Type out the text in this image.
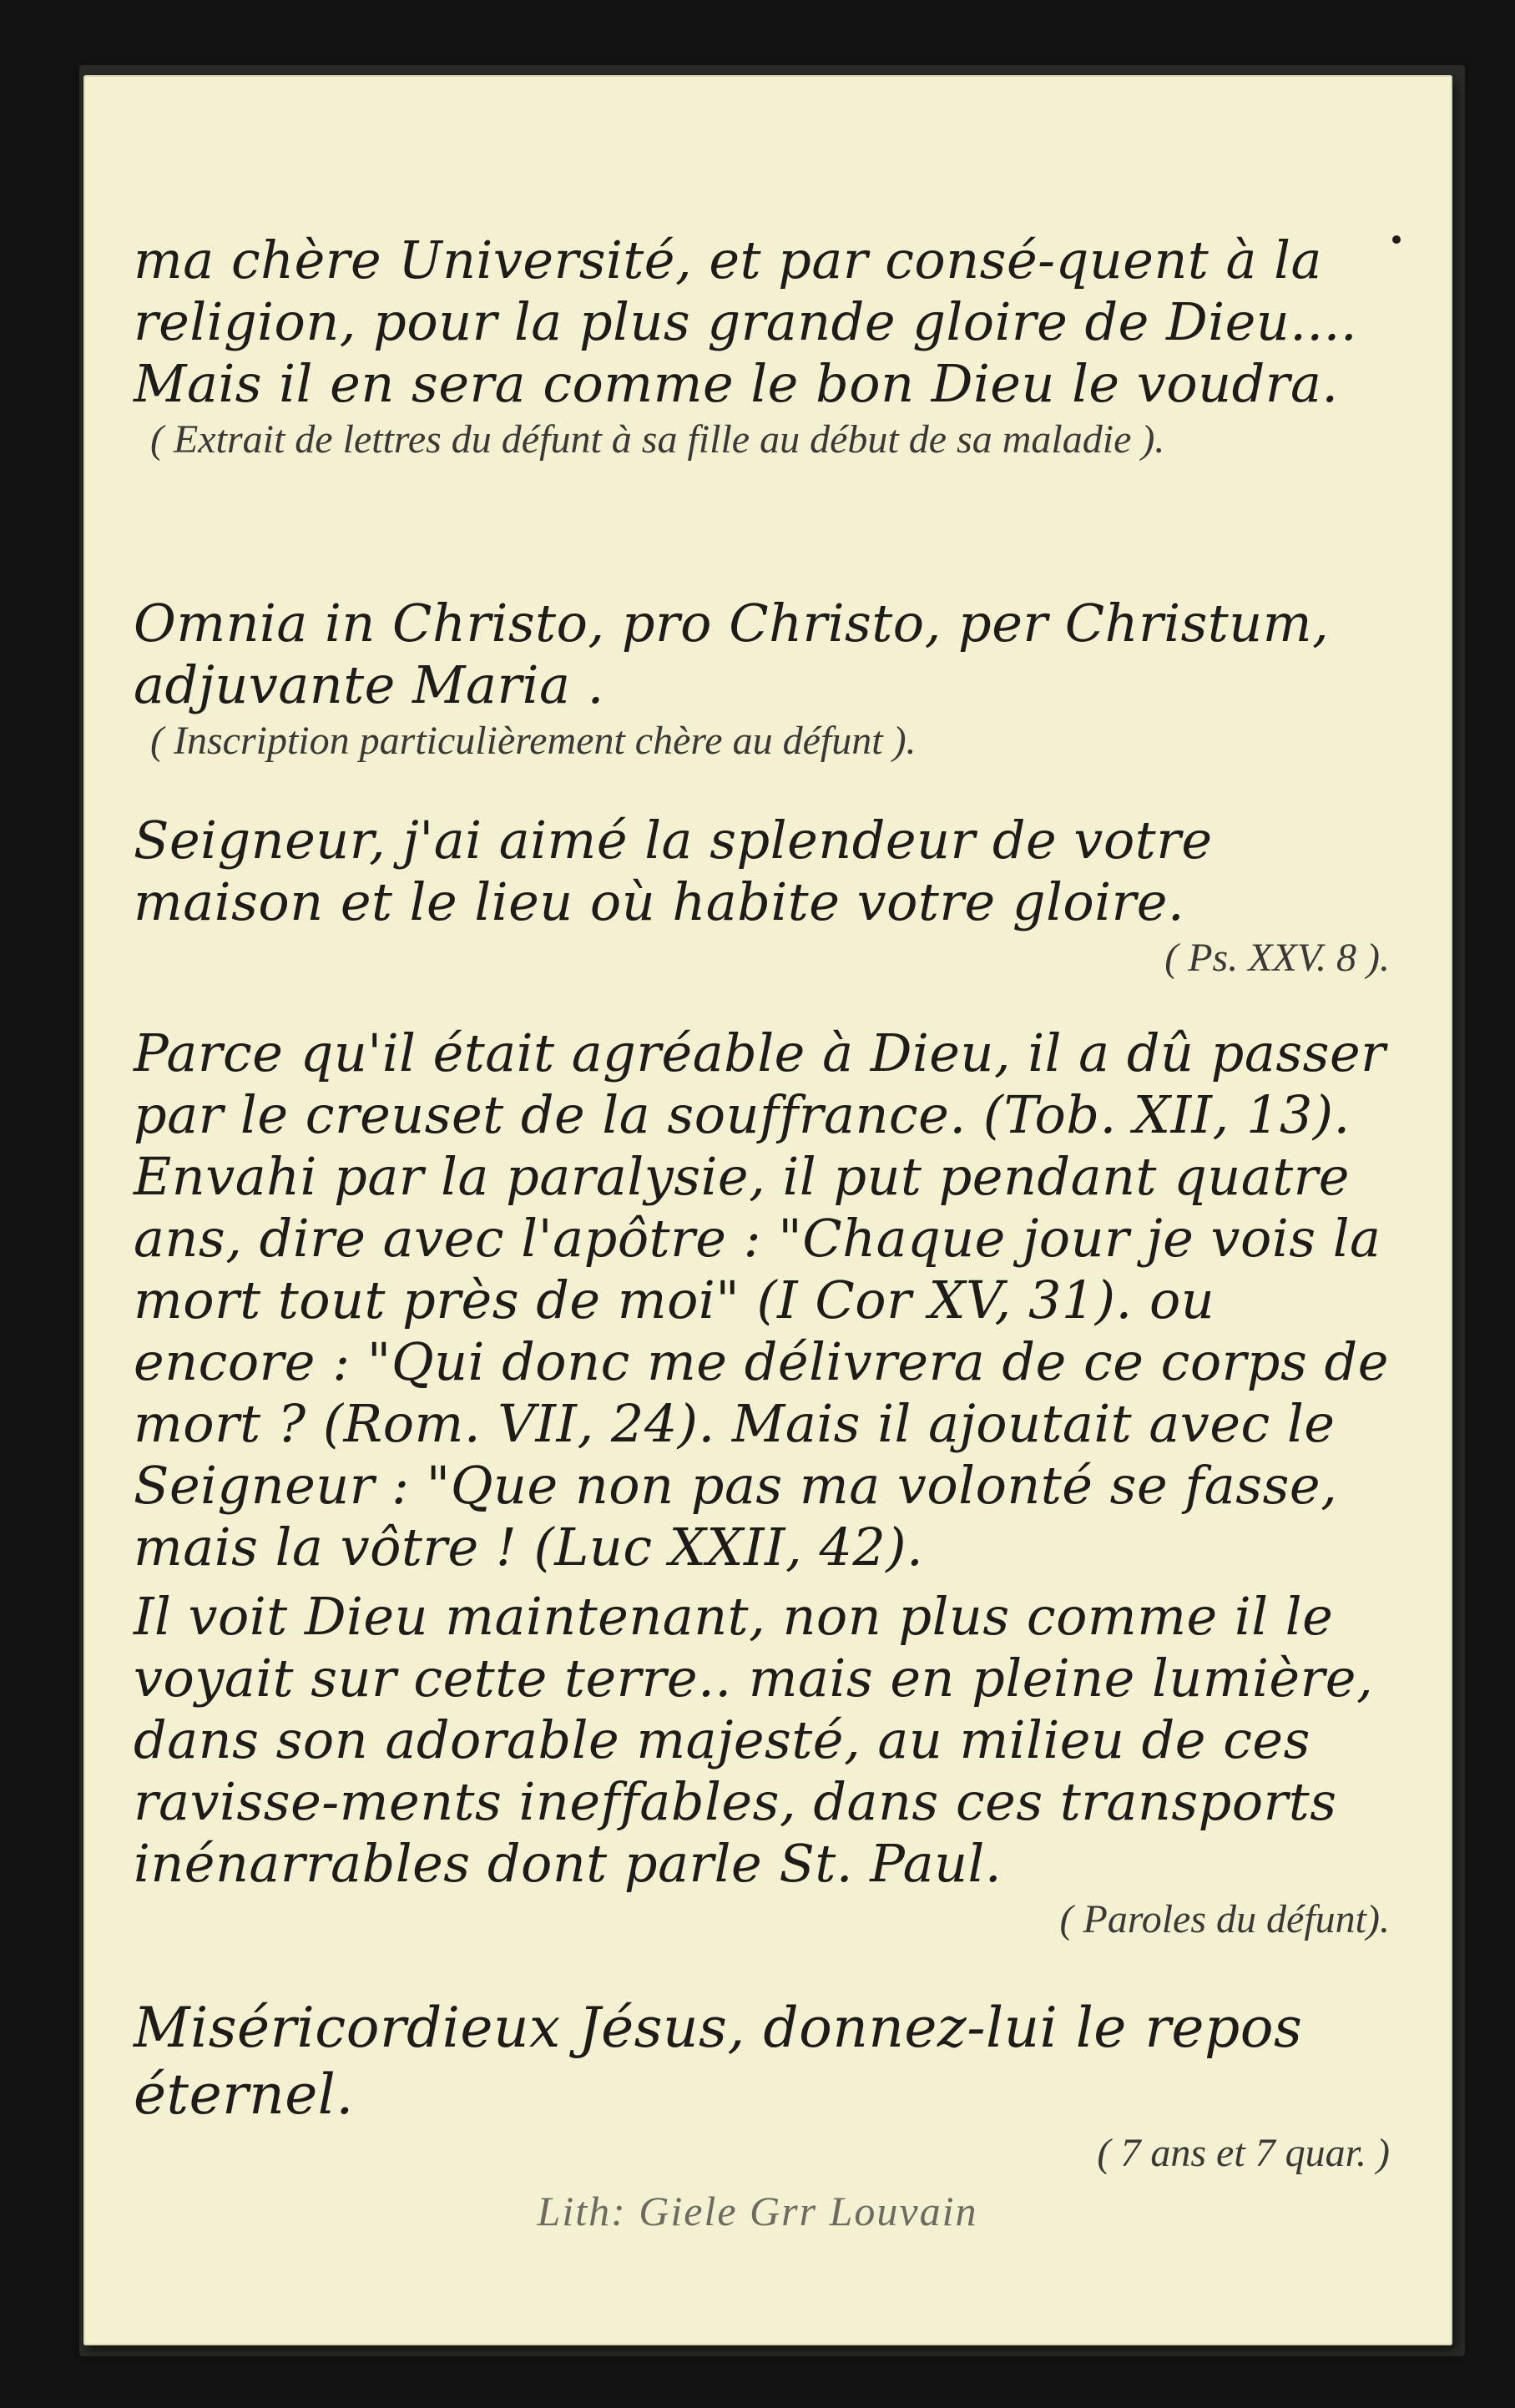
ma chère Université, et par consé-quent à la religion, pour la plus grande gloire de Dieu.... Mais il en sera comme le bon Dieu le voudra.

( Extrait de lettres du défunt à sa fille au début de sa maladie ).

Omnia in Christo, pro Christo, per Christum, adjuvante Maria .

( Inscription particulièrement chère au défunt ).

Seigneur, j'ai aimé la splendeur de votre maison et le lieu où habite votre gloire.

( Ps. XXV. 8 ).

Parce qu'il était agréable à Dieu, il a dû passer par le creuset de la souffrance. (Tob. XII, 13). Envahi par la paralysie, il put pendant quatre ans, dire avec l'apôtre : "Chaque jour je vois la mort tout près de moi" (I Cor XV, 31). ou encore : "Qui donc me délivrera de ce corps de mort ? (Rom. VII, 24). Mais il ajoutait avec le Seigneur : "Que non pas ma volonté se fasse, mais la vôtre ! (Luc XXII, 42).

Il voit Dieu maintenant, non plus comme il le voyait sur cette terre.. mais en pleine lumière, dans son adorable majesté, au milieu de ces ravisse-ments ineffables, dans ces transports inénarrables dont parle St. Paul.

( Paroles du défunt).

Miséricordieux Jésus, donnez-lui le repos éternel.

( 7 ans et 7 quar. )

Lith: Giele Grr Louvain
